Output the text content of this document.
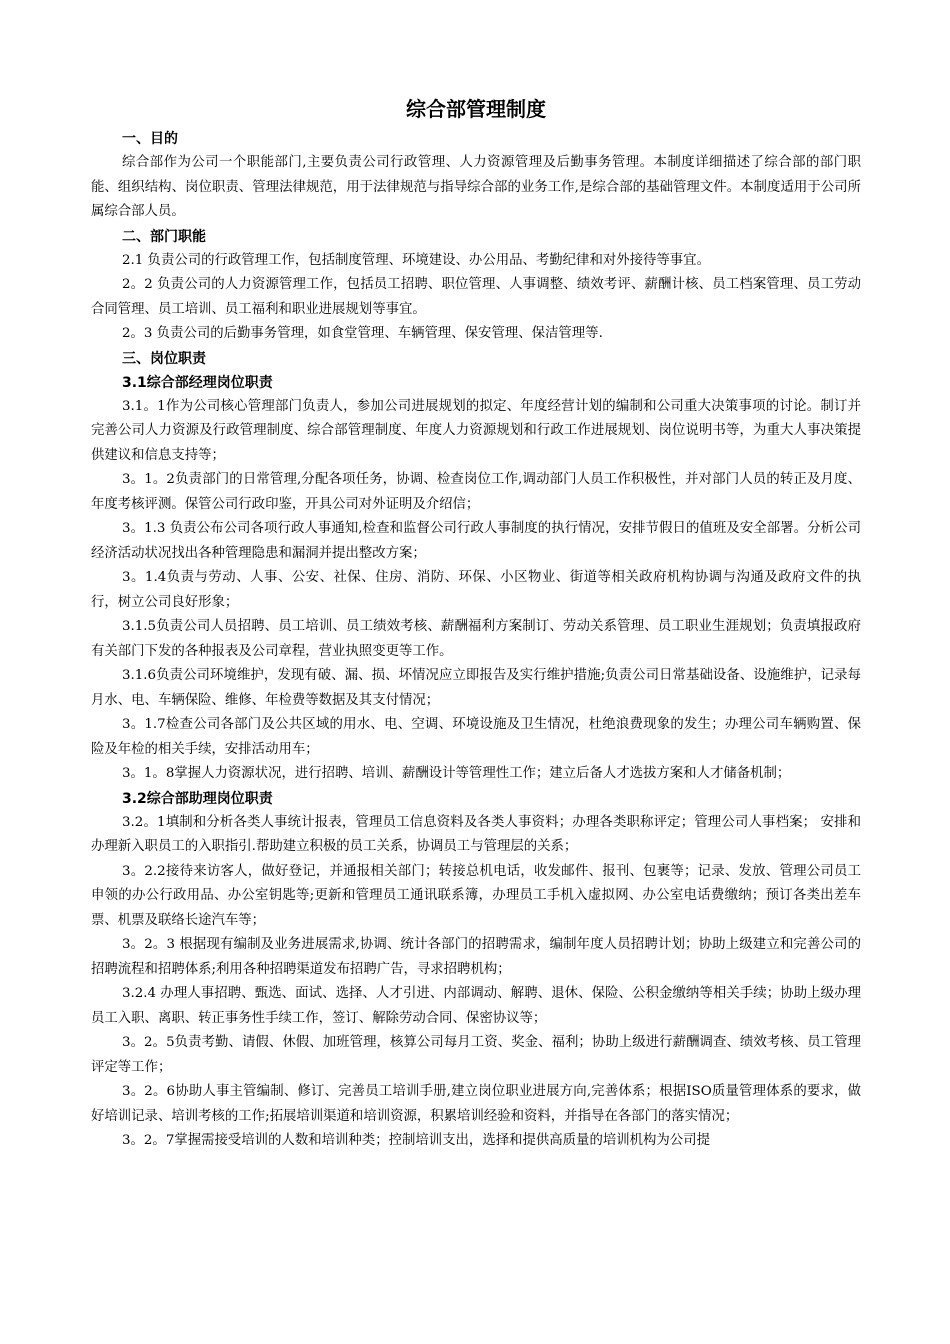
综合部管理制度
一、目的
综合部作为公司一个职能部门,主要负责公司行政管理、人力资源管理及后勤事务管理。本制度详细描述了综合部的部门职能、组织结构、岗位职责、管理法律规范，用于法律规范与指导综合部的业务工作,是综合部的基础管理文件。本制度适用于公司所属综合部人员。
二、部门职能
2.1 负责公司的行政管理工作，包括制度管理、环境建设、办公用品、考勤纪律和对外接待等事宜。
2。2 负责公司的人力资源管理工作，包括员工招聘、职位管理、人事调整、绩效考评、薪酬计核、员工档案管理、员工劳动合同管理、员工培训、员工福利和职业进展规划等事宜。
2。3 负责公司的后勤事务管理，如食堂管理、车辆管理、保安管理、保洁管理等.
三、岗位职责
3.1综合部经理岗位职责
3.1。1作为公司核心管理部门负责人，参加公司进展规划的拟定、年度经营计划的编制和公司重大决策事项的讨论。制订并完善公司人力资源及行政管理制度、综合部管理制度、年度人力资源规划和行政工作进展规划、岗位说明书等，为重大人事决策提供建议和信息支持等；
3。1。2负责部门的日常管理,分配各项任务，协调、检查岗位工作,调动部门人员工作积极性，并对部门人员的转正及月度、年度考核评测。保管公司行政印鉴，开具公司对外证明及介绍信；
3。1.3 负责公布公司各项行政人事通知,检查和监督公司行政人事制度的执行情况，安排节假日的值班及安全部署。分析公司经济活动状况找出各种管理隐患和漏洞并提出整改方案；
3。1.4负责与劳动、人事、公安、社保、住房、消防、环保、小区物业、街道等相关政府机构协调与沟通及政府文件的执行，树立公司良好形象；
3.1.5负责公司人员招聘、员工培训、员工绩效考核、薪酬福利方案制订、劳动关系管理、员工职业生涯规划；负责填报政府有关部门下发的各种报表及公司章程，营业执照变更等工作。
3.1.6负责公司环境维护，发现有破、漏、损、坏情况应立即报告及实行维护措施;负责公司日常基础设备、设施维护，记录每月水、电、车辆保险、维修、年检费等数据及其支付情况；
3。1.7检查公司各部门及公共区域的用水、电、空调、环境设施及卫生情况，杜绝浪费现象的发生；办理公司车辆购置、保险及年检的相关手续，安排活动用车；
3。1。8掌握人力资源状况，进行招聘、培训、薪酬设计等管理性工作；建立后备人才选拔方案和人才储备机制；
3.2综合部助理岗位职责
3.2。1填制和分析各类人事统计报表，管理员工信息资料及各类人事资料；办理各类职称评定；管理公司人事档案； 安排和办理新入职员工的入职指引.帮助建立积极的员工关系，协调员工与管理层的关系；
3。2.2接待来访客人，做好登记，并通报相关部门；转接总机电话，收发邮件、报刊、包裹等；记录、发放、管理公司员工申领的办公行政用品、办公室钥匙等;更新和管理员工通讯联系簿，办理员工手机入虚拟网、办公室电话费缴纳；预订各类出差车票、机票及联络长途汽车等；
3。2。3 根据现有编制及业务进展需求,协调、统计各部门的招聘需求，编制年度人员招聘计划；协助上级建立和完善公司的招聘流程和招聘体系;利用各种招聘渠道发布招聘广告，寻求招聘机构；
3.2.4 办理人事招聘、甄选、面试、选择、人才引进、内部调动、解聘、退休、保险、公积金缴纳等相关手续；协助上级办理员工入职、离职、转正事务性手续工作，签订、解除劳动合同、保密协议等；
3。2。5负责考勤、请假、休假、加班管理，核算公司每月工资、奖金、福利；协助上级进行薪酬调查、绩效考核、员工管理评定等工作；
3。2。6协助人事主管编制、修订、完善员工培训手册,建立岗位职业进展方向,完善体系；根据ISO质量管理体系的要求，做好培训记录、培训考核的工作;拓展培训渠道和培训资源，积累培训经验和资料，并指导在各部门的落实情况；
3。2。7掌握需接受培训的人数和培训种类；控制培训支出，选择和提供高质量的培训机构为公司提
